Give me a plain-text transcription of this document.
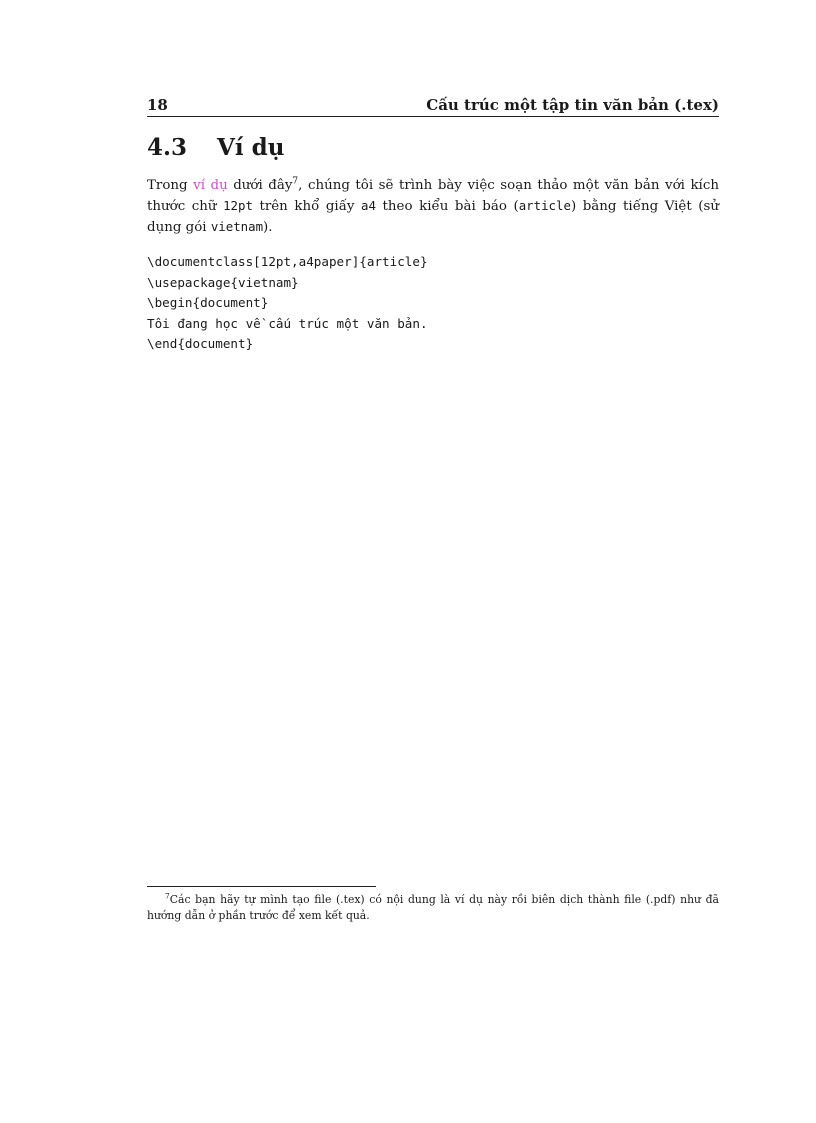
18	Cấu trúc một tập tin văn bản (.tex)
4.3 Ví dụ
Trong ví dụ dưới đây$^7$, chúng tôi sẽ trình bày việc soạn thảo một văn bản với kích thước chữ 12pt trên khổ giấy a4 theo kiểu bài báo (article) bằng tiếng Việt (sử dụng gói vietnam).
\documentclass[12pt,a4paper]{article}
\usepackage{vietnam}
\begin{document}
Tôi đang học về cấu trúc một văn bản.
\end{document}
$^7$Các bạn hãy tự mình tạo file (.tex) có nội dung là ví dụ này rồi biên dịch thành file (.pdf) như đã hướng dẫn ở phần trước để xem kết quả.
